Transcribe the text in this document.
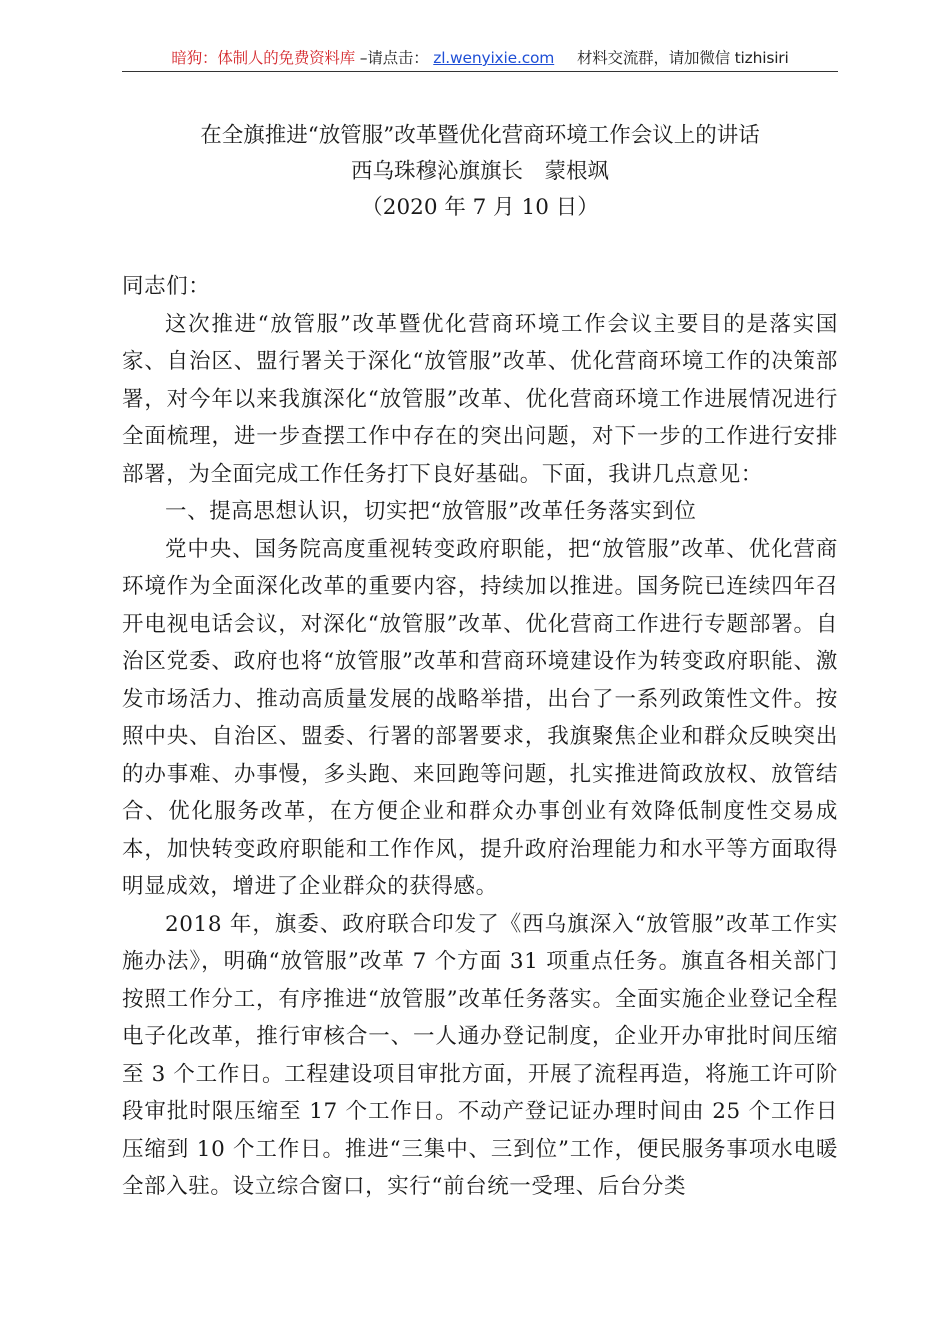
暗狗：体制人的免费资料库 –请点击： zl.wenyixie.com 材料交流群，请加微信 tizhisiri
在全旗推进“放管服”改革暨优化营商环境工作会议上的讲话
西乌珠穆沁旗旗长　蒙根飒
（2020 年 7 月 10 日）

同志们：

这次推进“放管服”改革暨优化营商环境工作会议主要目的是落实国家、自治区、盟行署关于深化“放管服”改革、优化营商环境工作的决策部署，对今年以来我旗深化“放管服”改革、优化营商环境工作进展情况进行全面梳理，进一步查摆工作中存在的突出问题，对下一步的工作进行安排部署，为全面完成工作任务打下良好基础。下面，我讲几点意见：

一、提高思想认识，切实把“放管服”改革任务落实到位

党中央、国务院高度重视转变政府职能，把“放管服”改革、优化营商环境作为全面深化改革的重要内容，持续加以推进。国务院已连续四年召开电视电话会议，对深化“放管服”改革、优化营商工作进行专题部署。自治区党委、政府也将“放管服”改革和营商环境建设作为转变政府职能、激发市场活力、推动高质量发展的战略举措，出台了一系列政策性文件。按照中央、自治区、盟委、行署的部署要求，我旗聚焦企业和群众反映突出的办事难、办事慢，多头跑、来回跑等问题，扎实推进简政放权、放管结合、优化服务改革，在方便企业和群众办事创业有效降低制度性交易成本，加快转变政府职能和工作作风，提升政府治理能力和水平等方面取得明显成效，增进了企业群众的获得感。

2018 年，旗委、政府联合印发了《西乌旗深入“放管服”改革工作实施办法》，明确“放管服”改革 7 个方面 31 项重点任务。旗直各相关部门按照工作分工，有序推进“放管服”改革任务落实。全面实施企业登记全程电子化改革，推行审核合一、一人通办登记制度，企业开办审批时间压缩至 3 个工作日。工程建设项目审批方面，开展了流程再造，将施工许可阶段审批时限压缩至 17 个工作日。不动产登记证办理时间由 25 个工作日压缩到 10 个工作日。推进“三集中、三到位”工作，便民服务事项水电暖全部入驻。设立综合窗口，实行“前台统一受理、后台分类
